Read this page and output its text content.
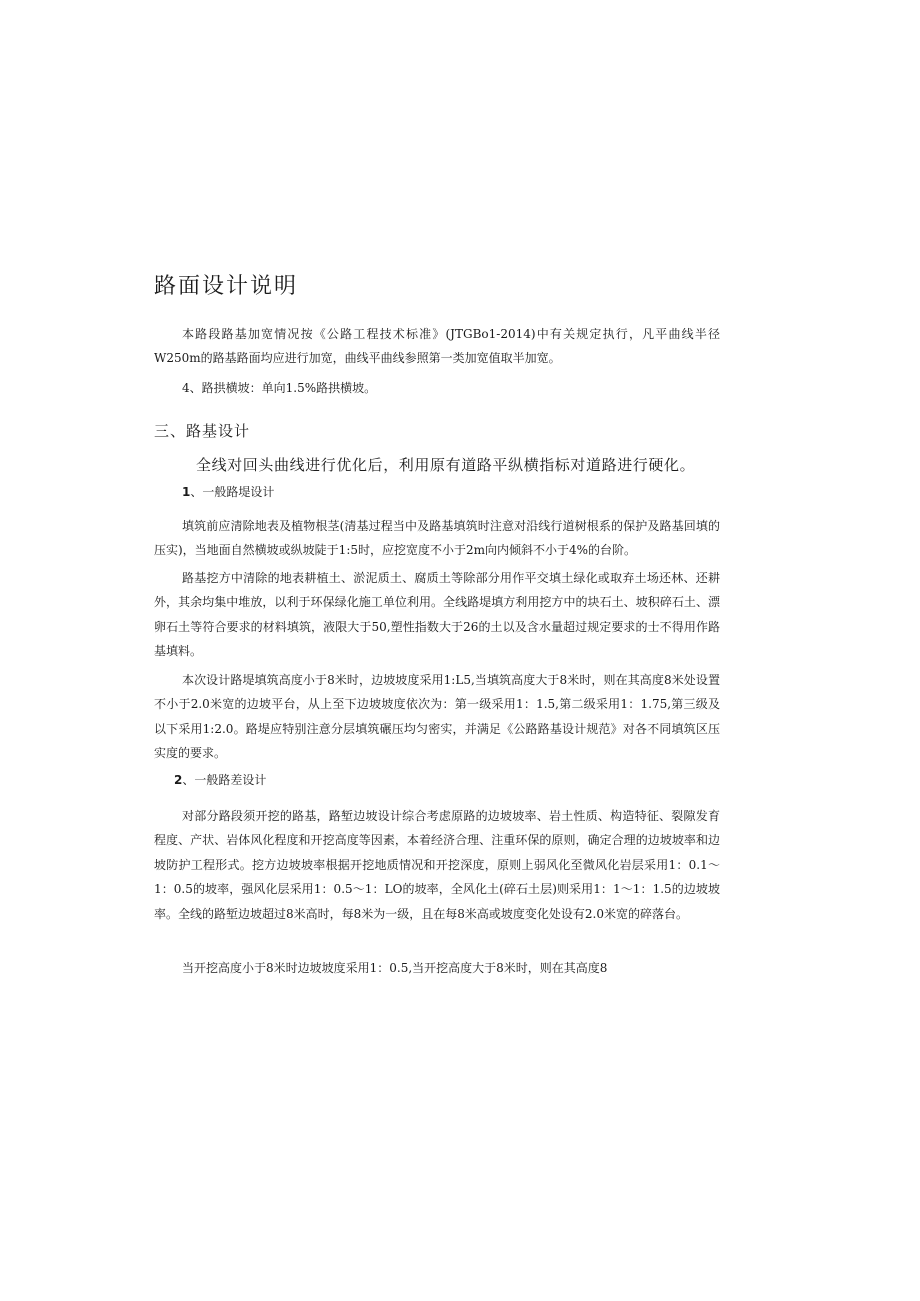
路面设计说明

本路段路基加宽情况按《公路工程技术标准》(JTGBo1-2014)中有关规定执行，凡平曲线半径W250m的路基路面均应进行加宽，曲线平曲线参照第一类加宽值取半加宽。

4、路拱横坡：单向1.5%路拱横坡。

三、路基设计

全线对回头曲线进行优化后，利用原有道路平纵横指标对道路进行硬化。

1、一般路堤设计

填筑前应清除地表及植物根茎(清基过程当中及路基填筑时注意对沿线行道树根系的保护及路基回填的压实)，当地面自然横坡或纵坡陡于1:5时，应挖宽度不小于2m向内倾斜不小于4%的台阶。

路基挖方中清除的地表耕植土、淤泥质土、腐质土等除部分用作平交填土绿化或取弃土场还林、还耕外，其余均集中堆放，以利于环保绿化施工单位利用。全线路堤填方利用挖方中的块石土、坡积碎石土、漂卵石土等符合要求的材料填筑，液限大于50,塑性指数大于26的土以及含水量超过规定要求的士不得用作路基填料。

本次设计路堤填筑高度小于8米时，边坡坡度采用1:L5,当填筑高度大于8米时，则在其高度8米处设置不小于2.0米宽的边坡平台，从上至下边坡坡度依次为：第一级采用1：1.5,第二级采用1：1.75,第三级及以下采用1:2.0。路堤应特别注意分层填筑碾压均匀密实，并满足《公路路基设计规范》对各不同填筑区压实度的要求。

2、一般路差设计

对部分路段须开挖的路基，路堑边坡设计综合考虑原路的边坡坡率、岩土性质、构造特征、裂隙发育程度、产状、岩体风化程度和开挖高度等因素，本着经济合理、注重环保的原则，确定合理的边坡坡率和边坡防护工程形式。挖方边坡坡率根据开挖地质情况和开挖深度，原则上弱风化至微风化岩层采用1：0.1～1：0.5的坡率，强风化层采用1：0.5～1：LO的坡率，全风化土(碎石土层)则采用1：1～1：1.5的边坡坡率。全线的路堑边坡超过8米高时，每8米为一级，且在每8米高或坡度变化处设有2.0米宽的碎落台。

当开挖高度小于8米时边坡坡度采用1：0.5,当开挖高度大于8米时，则在其高度8
